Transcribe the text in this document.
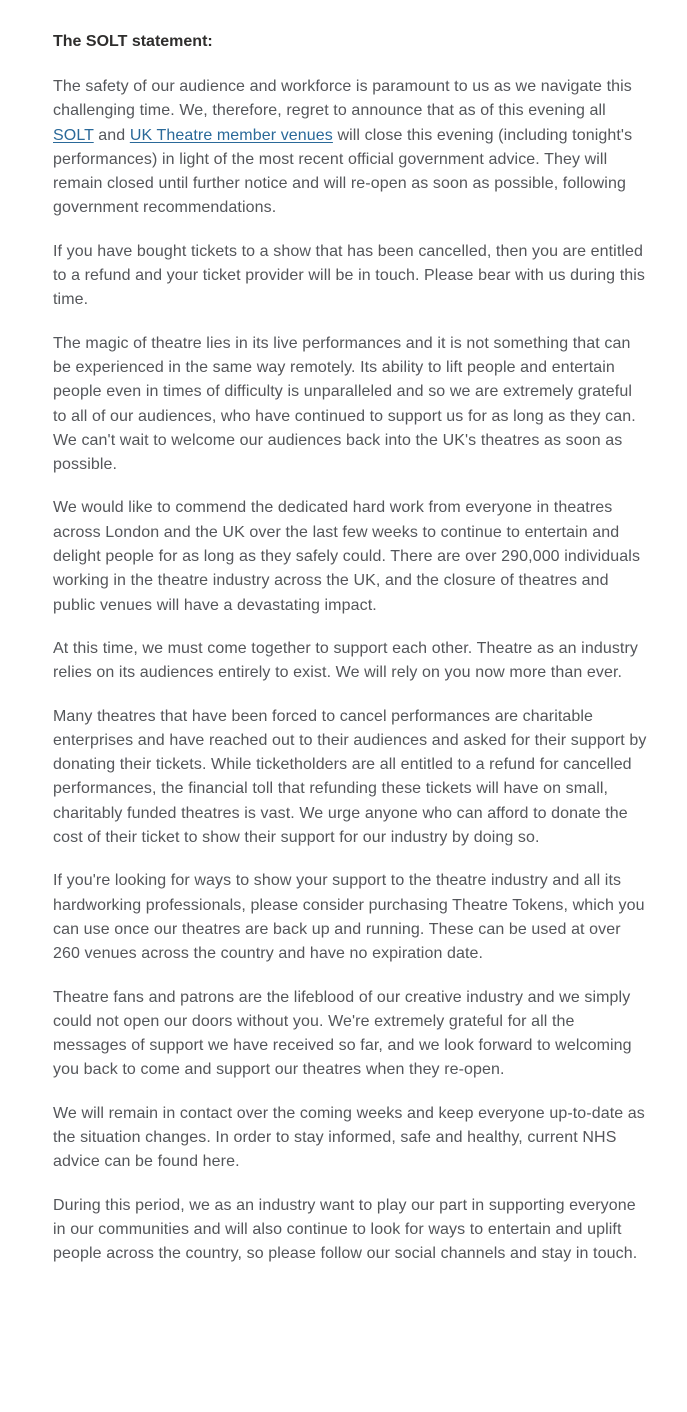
The SOLT statement:

The safety of our audience and workforce is paramount to us as we navigate this challenging time. We, therefore, regret to announce that as of this evening all SOLT and UK Theatre member venues will close this evening (including tonight's performances) in light of the most recent official government advice. They will remain closed until further notice and will re-open as soon as possible, following government recommendations.

If you have bought tickets to a show that has been cancelled, then you are entitled to a refund and your ticket provider will be in touch. Please bear with us during this time.

The magic of theatre lies in its live performances and it is not something that can be experienced in the same way remotely. Its ability to lift people and entertain people even in times of difficulty is unparalleled and so we are extremely grateful to all of our audiences, who have continued to support us for as long as they can. We can't wait to welcome our audiences back into the UK's theatres as soon as possible.

We would like to commend the dedicated hard work from everyone in theatres across London and the UK over the last few weeks to continue to entertain and delight people for as long as they safely could. There are over 290,000 individuals working in the theatre industry across the UK, and the closure of theatres and public venues will have a devastating impact.

At this time, we must come together to support each other. Theatre as an industry relies on its audiences entirely to exist. We will rely on you now more than ever.

Many theatres that have been forced to cancel performances are charitable enterprises and have reached out to their audiences and asked for their support by donating their tickets. While ticketholders are all entitled to a refund for cancelled performances, the financial toll that refunding these tickets will have on small, charitably funded theatres is vast. We urge anyone who can afford to donate the cost of their ticket to show their support for our industry by doing so.

If you're looking for ways to show your support to the theatre industry and all its hardworking professionals, please consider purchasing Theatre Tokens, which you can use once our theatres are back up and running. These can be used at over 260 venues across the country and have no expiration date.

Theatre fans and patrons are the lifeblood of our creative industry and we simply could not open our doors without you. We're extremely grateful for all the messages of support we have received so far, and we look forward to welcoming you back to come and support our theatres when they re-open.

We will remain in contact over the coming weeks and keep everyone up-to-date as the situation changes. In order to stay informed, safe and healthy, current NHS advice can be found here.

During this period, we as an industry want to play our part in supporting everyone in our communities and will also continue to look for ways to entertain and uplift people across the country, so please follow our social channels and stay in touch.
